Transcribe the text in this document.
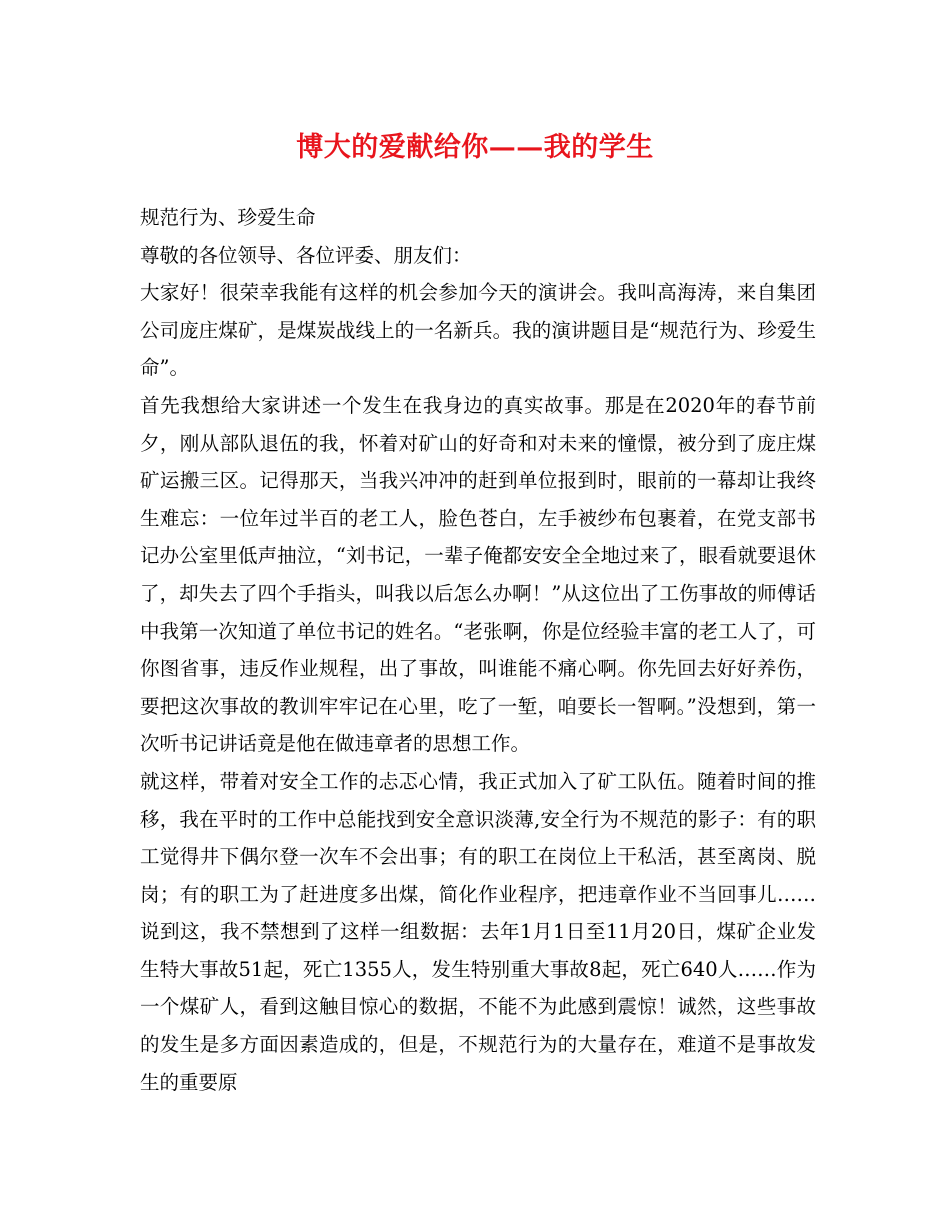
博大的爱献给你——我的学生

规范行为、珍爱生命

尊敬的各位领导、各位评委、朋友们：

大家好！很荣幸我能有这样的机会参加今天的演讲会。我叫高海涛，来自集团公司庞庄煤矿，是煤炭战线上的一名新兵。我的演讲题目是“规范行为、珍爱生命”。

首先我想给大家讲述一个发生在我身边的真实故事。那是在2020年的春节前夕，刚从部队退伍的我，怀着对矿山的好奇和对未来的憧憬，被分到了庞庄煤矿运搬三区。记得那天，当我兴冲冲的赶到单位报到时，眼前的一幕却让我终生难忘：一位年过半百的老工人，脸色苍白，左手被纱布包裹着，在党支部书记办公室里低声抽泣，“刘书记，一辈子俺都安安全全地过来了，眼看就要退休了，却失去了四个手指头，叫我以后怎么办啊！”从这位出了工伤事故的师傅话中我第一次知道了单位书记的姓名。“老张啊，你是位经验丰富的老工人了，可你图省事，违反作业规程，出了事故，叫谁能不痛心啊。你先回去好好养伤，要把这次事故的教训牢牢记在心里，吃了一堑，咱要长一智啊。”没想到，第一次听书记讲话竟是他在做违章者的思想工作。

就这样，带着对安全工作的忐忑心情，我正式加入了矿工队伍。随着时间的推移，我在平时的工作中总能找到安全意识淡薄,安全行为不规范的影子：有的职工觉得井下偶尔登一次车不会出事；有的职工在岗位上干私活，甚至离岗、脱岗；有的职工为了赶进度多出煤，简化作业程序，把违章作业不当回事儿……说到这，我不禁想到了这样一组数据：去年1月1日至11月20日，煤矿企业发生特大事故51起，死亡1355人，发生特别重大事故8起，死亡640人……作为一个煤矿人，看到这触目惊心的数据，不能不为此感到震惊！诚然，这些事故的发生是多方面因素造成的，但是，不规范行为的大量存在，难道不是事故发生的重要原
